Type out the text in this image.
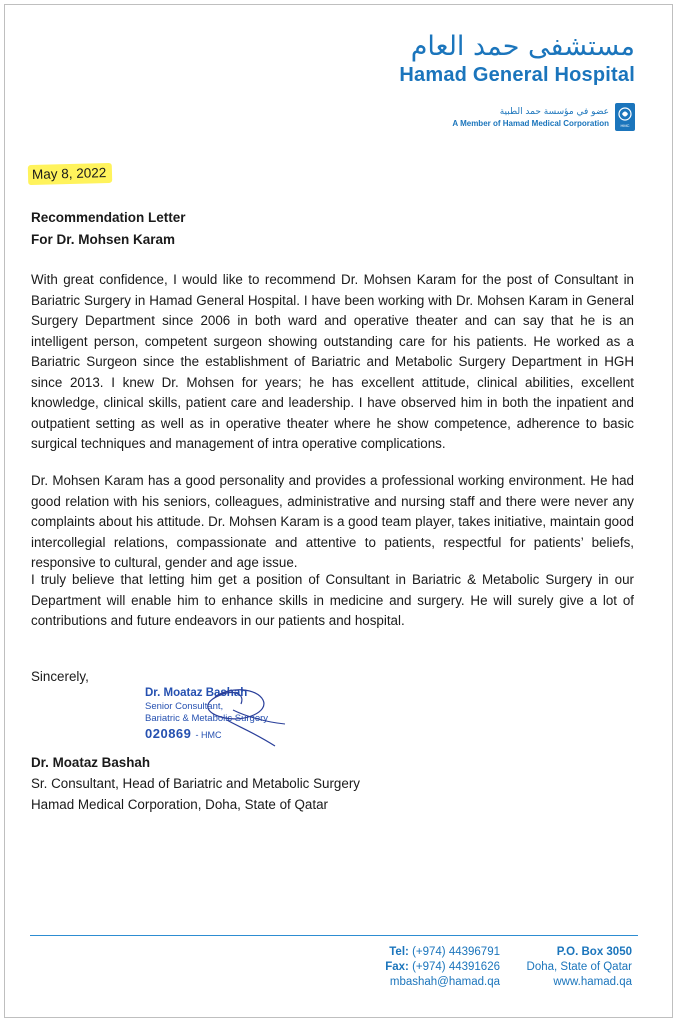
مستشفى حمد العام
Hamad General Hospital
عضو في مؤسسة حمد الطبية
A Member of Hamad Medical Corporation	HMC
May 8, 2022
Recommendation Letter
For Dr. Mohsen Karam

With great confidence, I would like to recommend Dr. Mohsen Karam for the post of Consultant in Bariatric Surgery in Hamad General Hospital. I have been working with Dr. Mohsen Karam in General Surgery Department since 2006 in both ward and operative theater and can say that he is an intelligent person, competent surgeon showing outstanding care for his patients. He worked as a Bariatric Surgeon since the establishment of Bariatric and Metabolic Surgery Department in HGH since 2013. I knew Dr. Mohsen for years; he has excellent attitude, clinical abilities, excellent knowledge, clinical skills, patient care and leadership. I have observed him in both the inpatient and outpatient setting as well as in operative theater where he show competence, adherence to basic surgical techniques and management of intra operative complications.

Dr. Mohsen Karam has a good personality and provides a professional working environment. He had good relation with his seniors, colleagues, administrative and nursing staff and there were never any complaints about his attitude. Dr. Mohsen Karam is a good team player, takes initiative, maintain good intercollegial relations, compassionate and attentive to patients, respectful for patients’ beliefs, responsive to cultural, gender and age issue.

I truly believe that letting him get a position of Consultant in Bariatric & Metabolic Surgery in our Department will enable him to enhance skills in medicine and surgery. He will surely give a lot of contributions and future endeavors in our patients and hospital.

Sincerely,
Dr. Moataz Bashah
Senior Consultant,
Bariatric & Metabolic Surgery
020869 - HMC
Dr. Moataz Bashah
Sr. Consultant, Head of Bariatric and Metabolic Surgery
Hamad Medical Corporation, Doha, State of Qatar
Tel: (+974) 44396791
Fax: (+974) 44391626
mbashah@hamad.qa
P.O. Box 3050
Doha, State of Qatar
www.hamad.qa
